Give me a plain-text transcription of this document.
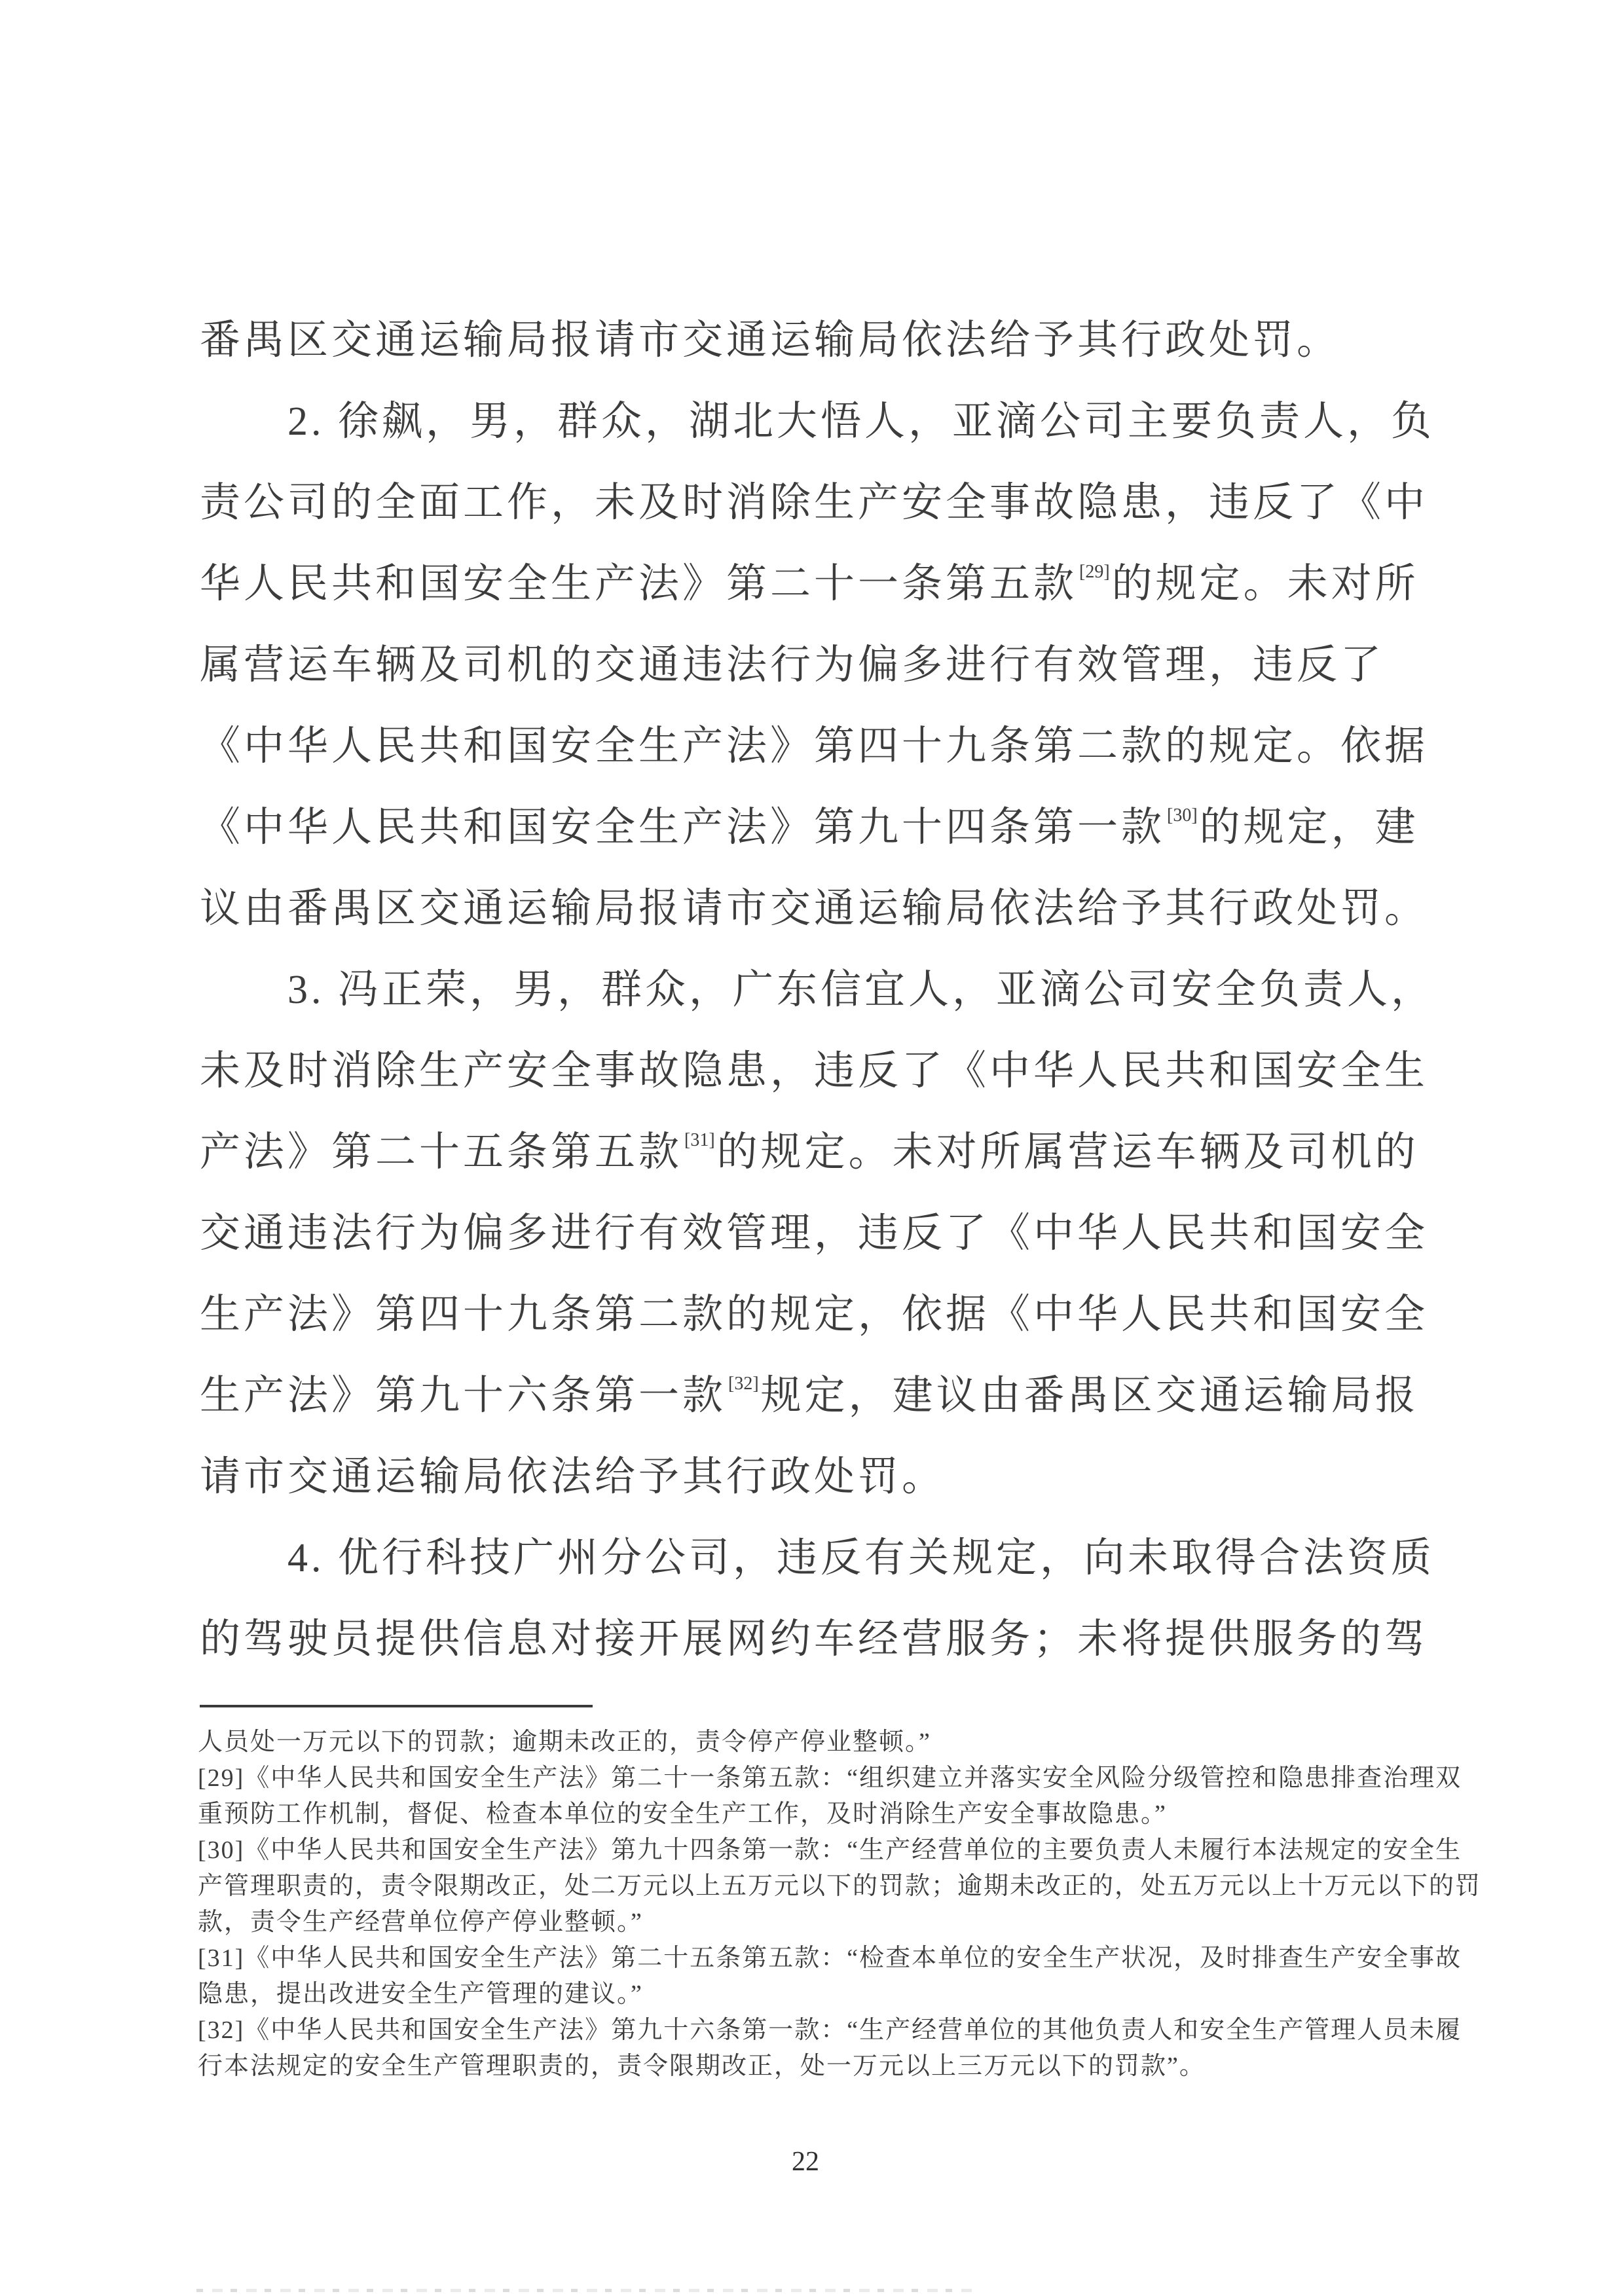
番禺区交通运输局报请市交通运输局依法给予其行政处罚。
2. 徐飙，男，群众，湖北大悟人，亚滴公司主要负责人，负
责公司的全面工作，未及时消除生产安全事故隐患，违反了《中
华人民共和国安全生产法》第二十一条第五款 [29]的规定。未对所
属营运车辆及司机的交通违法行为偏多进行有效管理，违反了
《中华人民共和国安全生产法》第四十九条第二款的规定。依据
《中华人民共和国安全生产法》第九十四条第一款 [30]的规定，建
议由番禺区交通运输局报请市交通运输局依法给予其行政处罚。
3. 冯正荣，男，群众，广东信宜人，亚滴公司安全负责人，
未及时消除生产安全事故隐患，违反了《中华人民共和国安全生
产法》第二十五条第五款 [31]的规定。未对所属营运车辆及司机的
交通违法行为偏多进行有效管理，违反了《中华人民共和国安全
生产法》第四十九条第二款的规定，依据《中华人民共和国安全
生产法》第九十六条第一款 [32]规定，建议由番禺区交通运输局报
请市交通运输局依法给予其行政处罚。
4. 优行科技广州分公司，违反有关规定，向未取得合法资质
的驾驶员提供信息对接开展网约车经营服务；未将提供服务的驾
人员处一万元以下的罚款；逾期未改正的，责令停产停业整顿。”
[29]《中华人民共和国安全生产法》第二十一条第五款：“组织建立并落实安全风险分级管控和隐患排查治理双
重预防工作机制，督促、检查本单位的安全生产工作，及时消除生产安全事故隐患。”
[30]《中华人民共和国安全生产法》第九十四条第一款：“生产经营单位的主要负责人未履行本法规定的安全生
产管理职责的，责令限期改正，处二万元以上五万元以下的罚款；逾期未改正的，处五万元以上十万元以下的罚
款，责令生产经营单位停产停业整顿。”
[31]《中华人民共和国安全生产法》第二十五条第五款：“检查本单位的安全生产状况，及时排查生产安全事故
隐患，提出改进安全生产管理的建议。”
[32]《中华人民共和国安全生产法》第九十六条第一款：“生产经营单位的其他负责人和安全生产管理人员未履
行本法规定的安全生产管理职责的，责令限期改正，处一万元以上三万元以下的罚款”。
22
